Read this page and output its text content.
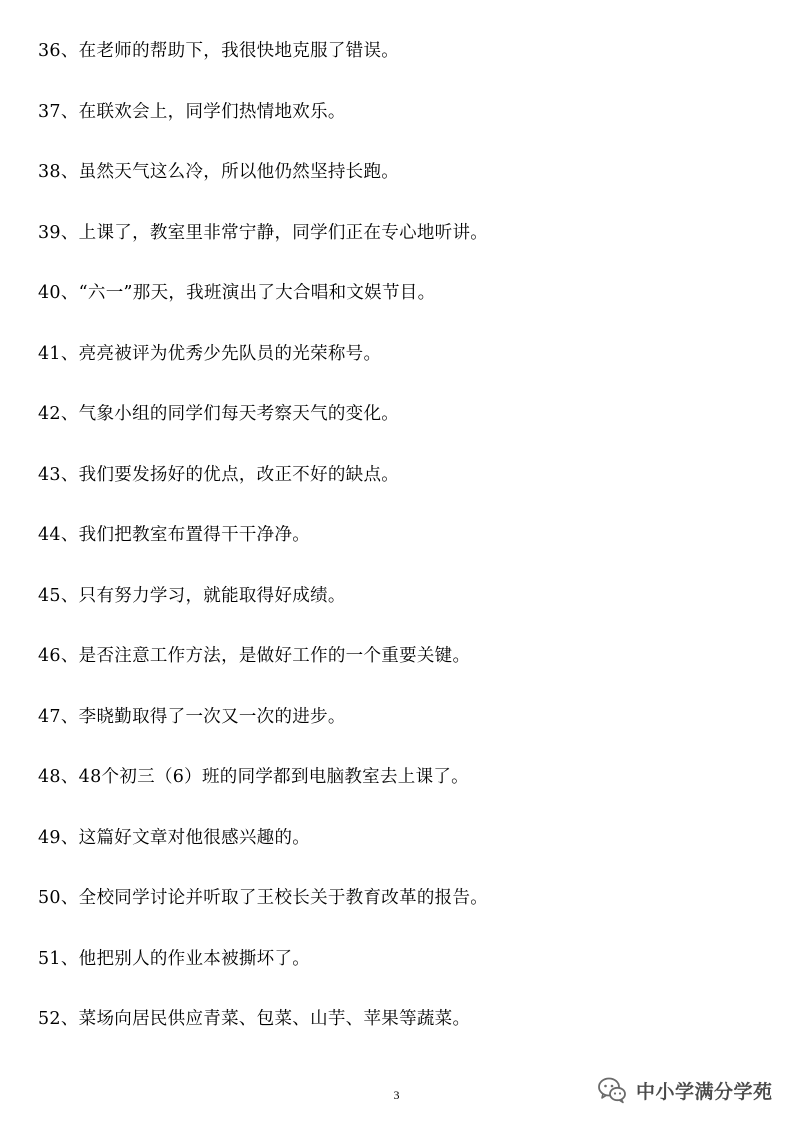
36、在老师的帮助下，我很快地克服了错误。
37、在联欢会上，同学们热情地欢乐。
38、虽然天气这么冷，所以他仍然坚持长跑。
39、上课了，教室里非常宁静，同学们正在专心地听讲。
40、“六一”那天，我班演出了大合唱和文娱节目。
41、亮亮被评为优秀少先队员的光荣称号。
42、气象小组的同学们每天考察天气的变化。
43、我们要发扬好的优点，改正不好的缺点。
44、我们把教室布置得干干净净。
45、只有努力学习，就能取得好成绩。
46、是否注意工作方法，是做好工作的一个重要关键。
47、李晓勤取得了一次又一次的进步。
48、48个初三（6）班的同学都到电脑教室去上课了。
49、这篇好文章对他很感兴趣的。
50、全校同学讨论并听取了王校长关于教育改革的报告。
51、他把别人的作业本被撕坏了。
52、菜场向居民供应青菜、包菜、山芋、苹果等蔬菜。
3	中小学满分学苑
